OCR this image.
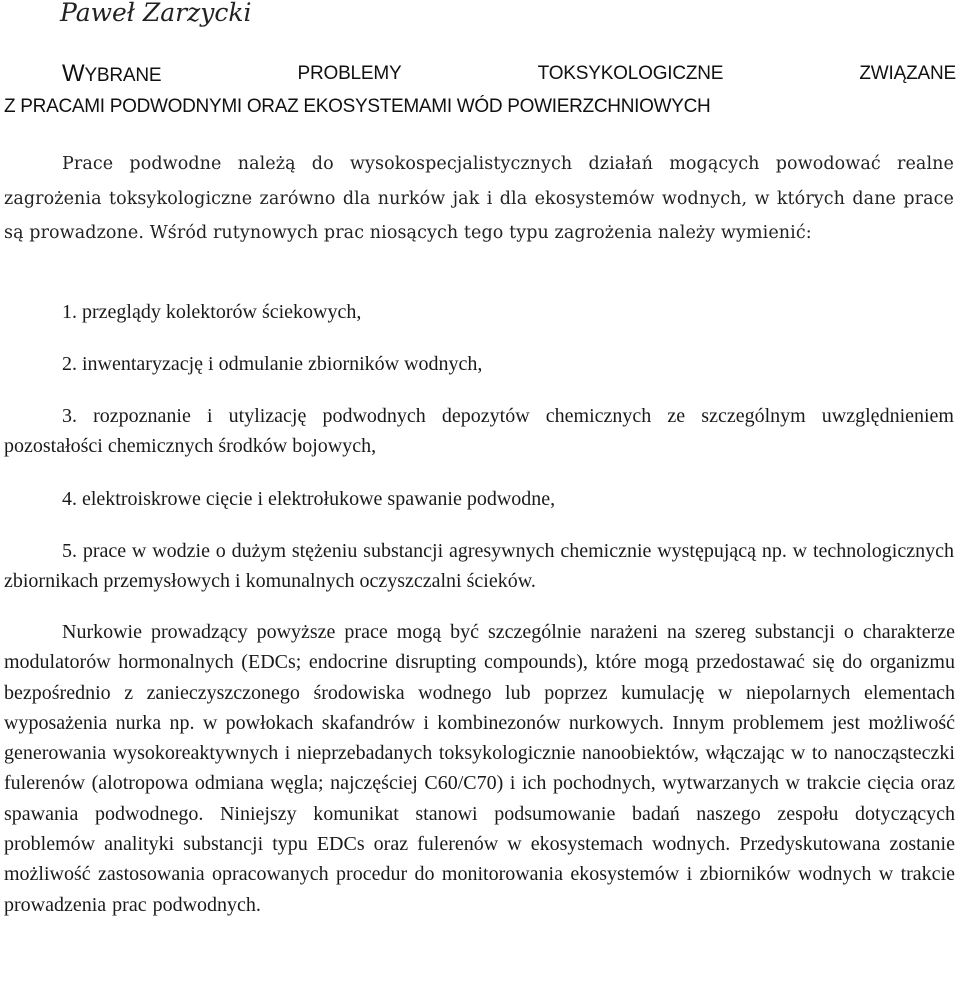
Paweł Zarzycki
WYBRANE	PROBLEMY	TOKSYKOLOGICZNE	ZWIĄZANE
Z PRACAMI PODWODNYMI ORAZ EKOSYSTEMAMI WÓD POWIERZCHNIOWYCH
Prace podwodne należą do wysokospecjalistycznych działań mogących powodować realne zagrożenia toksykologiczne zarówno dla nurków jak i dla ekosystemów wodnych, w których dane prace są prowadzone. Wśród rutynowych prac niosących tego typu zagrożenia należy wymienić:
1. przeglądy kolektorów ściekowych,
2. inwentaryzację i odmulanie zbiorników wodnych,
3. rozpoznanie i utylizację podwodnych depozytów chemicznych ze szczególnym uwzględnieniem pozostałości chemicznych środków bojowych,
4. elektroiskrowe cięcie i elektrołukowe spawanie podwodne,
5. prace w wodzie o dużym stężeniu substancji agresywnych chemicznie występującą np. w technologicznych zbiornikach przemysłowych i komunalnych oczyszczalni ścieków.
Nurkowie prowadzący powyższe prace mogą być szczególnie narażeni na szereg substancji o charakterze modulatorów hormonalnych (EDCs; endocrine disrupting compounds), które mogą przedostawać się do organizmu bezpośrednio z zanieczyszczonego środowiska wodnego lub poprzez kumulację w niepolarnych elementach wyposażenia nurka np. w powłokach skafandrów i kombinezonów nurkowych. Innym problemem jest możliwość generowania wysokoreaktywnych i nieprzebadanych toksykologicznie nanoobiektów, włączając w to nanocząsteczki fulerenów (alotropowa odmiana węgla; najczęściej C60/C70) i ich pochodnych, wytwarzanych w trakcie cięcia oraz spawania podwodnego. Niniejszy komunikat stanowi podsumowanie badań naszego zespołu dotyczących problemów analityki substancji typu EDCs oraz fulerenów w ekosystemach wodnych. Przedyskutowana zostanie możliwość zastosowania opracowanych procedur do monitorowania ekosystemów i zbiorników wodnych w trakcie prowadzenia prac podwodnych.
